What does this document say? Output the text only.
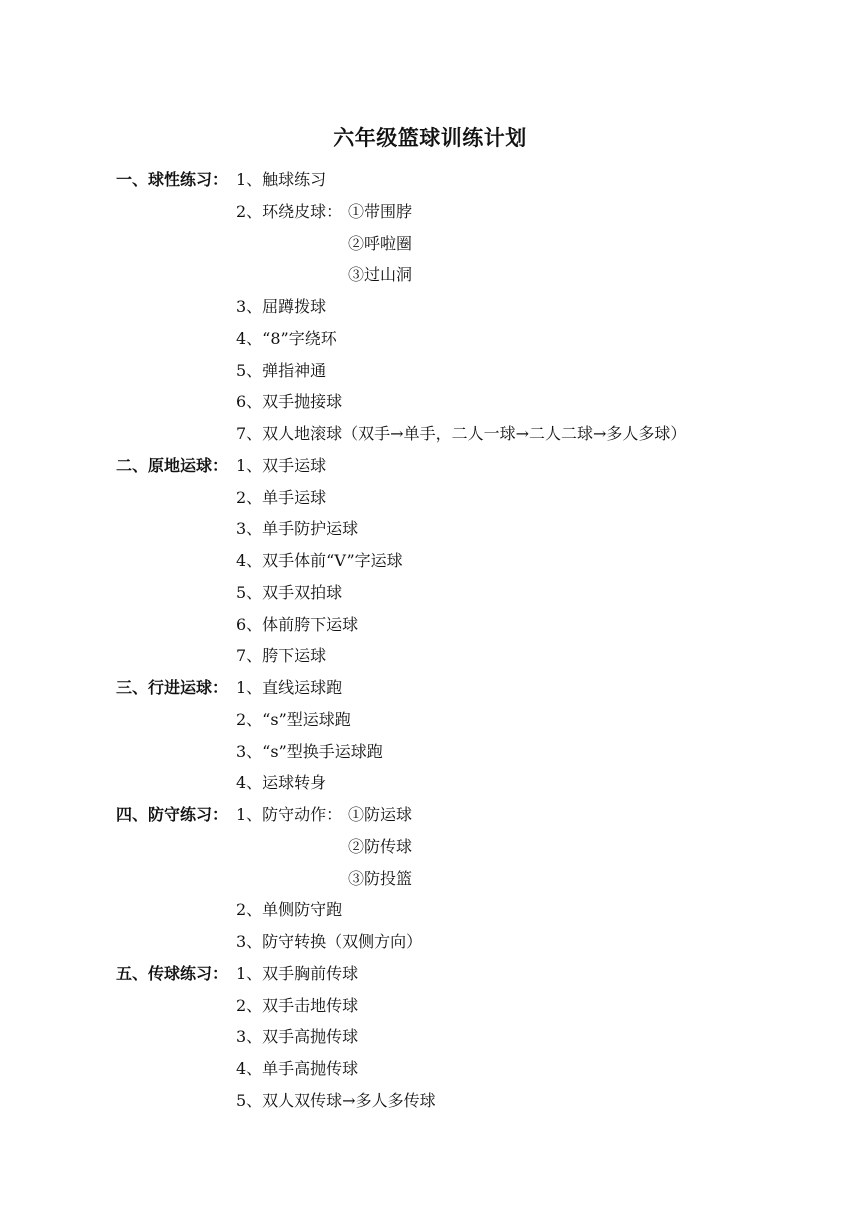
六年级篮球训练计划
一、球性练习： 1、触球练习
2、环绕皮球： ①带围脖
②呼啦圈
③过山洞
3、屈蹲拨球
4、“8”字绕环
5、弹指神通
6、双手抛接球
7、双人地滚球（双手→单手，二人一球→二人二球→多人多球）
二、原地运球： 1、双手运球
2、单手运球
3、单手防护运球
4、双手体前“V”字运球
5、双手双拍球
6、体前胯下运球
7、胯下运球
三、行进运球： 1、直线运球跑
2、“s”型运球跑
3、“s”型换手运球跑
4、运球转身
四、防守练习： 1、防守动作： ①防运球
②防传球
③防投篮
2、单侧防守跑
3、防守转换（双侧方向）
五、传球练习： 1、双手胸前传球
2、双手击地传球
3、双手高抛传球
4、单手高抛传球
5、双人双传球→多人多传球
